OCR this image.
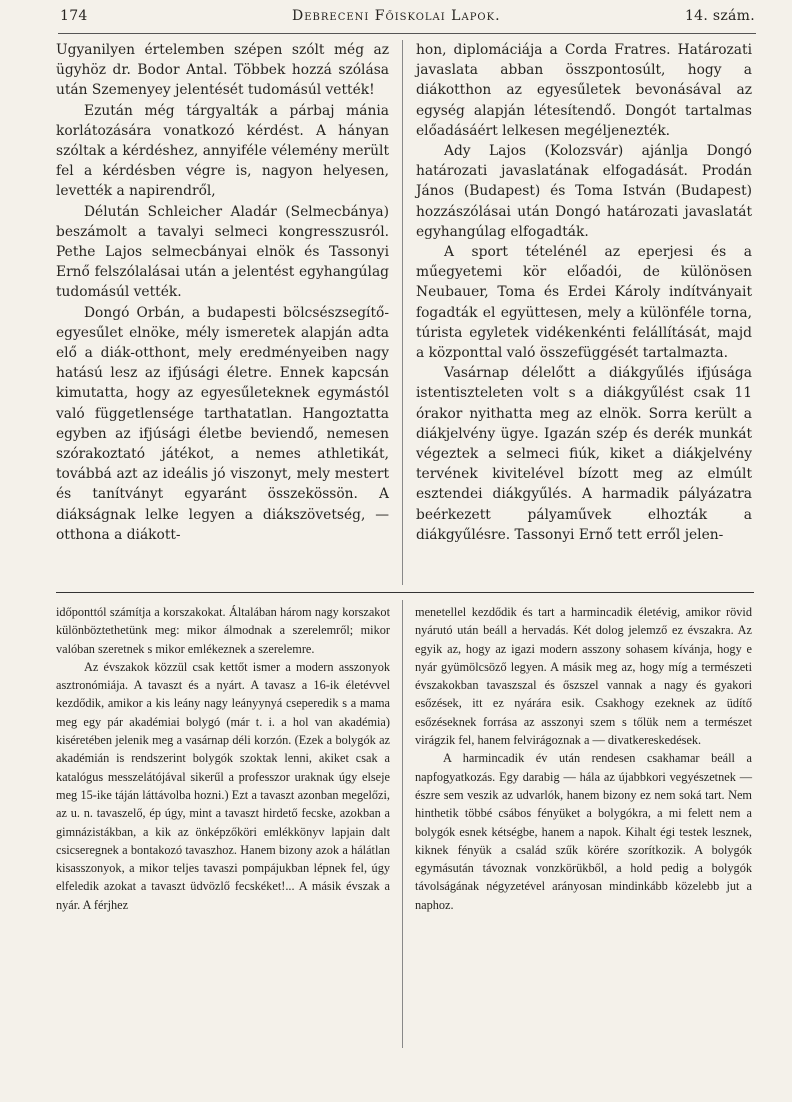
174	Debreceni Főiskolai Lapok.	14. szám.

Ugyanilyen értelemben szépen szólt még az ügyhöz dr. Bodor Antal. Többek hozzá szólása után Szemenyey jelentését tudomásúl vették!

Ezután még tárgyalták a párbaj mánia korlátozására vonatkozó kérdést. A hányan szóltak a kérdéshez, annyiféle vélemény merült fel a kérdésben végre is, nagyon helyesen, levették a napirendről,

Délután Schleicher Aladár (Selmecbánya) beszámolt a tavalyi selmeci kongresszusról. Pethe Lajos selmecbányai elnök és Tassonyi Ernő felszólalásai után a jelentést egyhangúlag tudomásúl vették.

Dongó Orbán, a budapesti bölcsészsegítő-egyesűlet elnöke, mély ismeretek alapján adta elő a diák-otthont, mely eredményeiben nagy hatású lesz az ifjúsági életre. Ennek kapcsán kimutatta, hogy az egyesűleteknek egymástól való függetlensége tarthatatlan. Hangoztatta egyben az ifjúsági életbe beviendő, nemesen szórakoztató játékot, a nemes athletikát, továbbá azt az ideális jó viszonyt, mely mestert és tanítványt egyaránt összekössön. A diákságnak lelke legyen a diákszövetség, — otthona a diákott-

hon, diplomáciája a Corda Fratres. Határozati javaslata abban összpontosúlt, hogy a diákotthon az egyesűletek bevonásával az egység alapján létesítendő. Dongót tartalmas előadásáért lelkesen megéljenezték.

Ady Lajos (Kolozsvár) ajánlja Dongó határozati javaslatának elfogadását. Prodán János (Budapest) és Toma István (Budapest) hozzászólásai után Dongó határozati javaslatát egyhangúlag elfogadták.

A sport tételénél az eperjesi és a műegyetemi kör előadói, de különösen Neubauer, Toma és Erdei Károly indítványait fogadták el együttesen, mely a különféle torna, túrista egyletek vidékenkénti felállítását, majd a központtal való összefüggését tartalmazta.

Vasárnap délelőtt a diákgyűlés ifjúsága istentiszteleten volt s a diákgyűlést csak 11 órakor nyithatta meg az elnök. Sorra került a diákjelvény ügye. Igazán szép és derék munkát végeztek a selmeci fiúk, kiket a diákjelvény tervének kivitelével bízott meg az elmúlt esztendei diákgyűlés. A harmadik pályázatra beérkezett pályaművek elhozták a diákgyűlésre. Tassonyi Ernő tett erről jelen-

időponttól számítja a korszakokat. Általában három nagy korszakot különböztethetünk meg: mikor álmodnak a szerelemről; mikor valóban szeretnek s mikor emlékeznek a szerelemre.

Az évszakok közzül csak kettőt ismer a modern asszonyok asztronómiája. A tavaszt és a nyárt. A tavasz a 16-ik életévvel kezdődik, amikor a kis leány nagy leányynyá cseperedik s a mama meg egy pár akadémiai bolygó (már t. i. a hol van akadémia) kiséretében jelenik meg a vasárnap déli korzón. (Ezek a bolygók az akadémián is rendszerint bolygók szoktak lenni, akiket csak a katalógus messzelátójával sikerűl a professzor uraknak úgy elseje meg 15-ike táján láttávolba hozni.) Ezt a tavaszt azonban megelőzi, az u. n. tavaszelő, ép úgy, mint a tavaszt hirdető fecske, azokban a gimnázistákban, a kik az önképzőköri emlékkönyv lapjain dalt csicseregnek a bontakozó tavaszhoz. Hanem bizony azok a hálátlan kisasszonyok, a mikor teljes tavaszi pompájukban lépnek fel, úgy elfeledik azokat a tavaszt üdvözlő fecskéket!... A másik évszak a nyár. A férjhez

menetellel kezdődik és tart a harmincadik életévig, amikor rövid nyárutó után beáll a hervadás. Két dolog jelemző ez évszakra. Az egyik az, hogy az igazi modern asszony sohasem kívánja, hogy e nyár gyümölcsöző legyen. A másik meg az, hogy míg a természeti évszakokban tavaszszal és őszszel vannak a nagy és gyakori esőzések, itt ez nyárára esik. Csakhogy ezeknek az üdítő esőzéseknek forrása az asszonyi szem s tőlük nem a természet virágzik fel, hanem felvirágoznak a — divatkereskedések.

A harmincadik év után rendesen csakhamar beáll a napfogyatkozás. Egy darabig — hála az újabbkori vegyészetnek — észre sem veszik az udvarlók, hanem bizony ez nem soká tart. Nem hinthetik többé csábos fényüket a bolygókra, a mi felett nem a bolygók esnek kétségbe, hanem a napok. Kihalt égi testek lesznek, kiknek fényük a család szűk körére szorítkozik. A bolygók egymásután távoznak vonzkörükből, a hold pedig a bolygók távolságának négyzetével arányosan mindinkább közelebb jut a naphoz.
